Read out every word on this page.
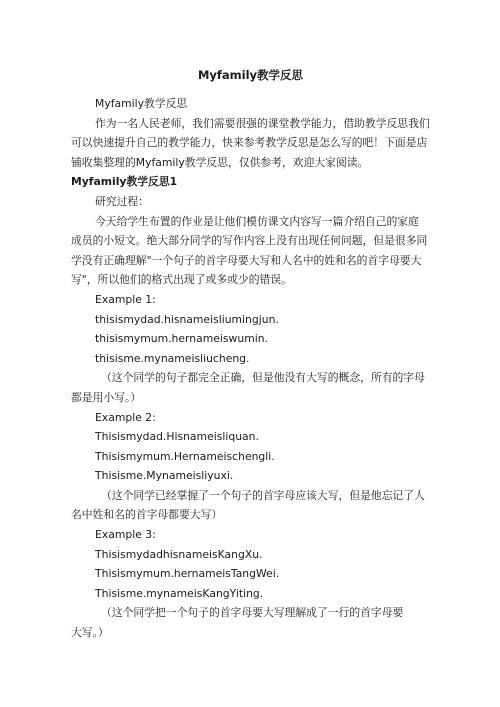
Myfamily教学反思

Myfamily教学反思

作为一名人民老师，我们需要很强的课堂教学能力，借助教学反思我们

可以快速提升自己的教学能力，快来参考教学反思是怎么写的吧！下面是店

铺收集整理的Myfamily教学反思，仅供参考，欢迎大家阅读。

Myfamily教学反思1

研究过程：

今天给学生布置的作业是让他们模仿课文内容写一篇介绍自己的家庭

成员的小短文。绝大部分同学的写作内容上没有出现任何问题，但是很多同

学没有正确理解"一个句子的首字母要大写和人名中的姓和名的首字母要大

写"，所以他们的格式出现了或多或少的错误。

Example 1:

thisismydad.hisnameisliumingjun.

thisismymum.hernameiswumin.

thisisme.mynameisliucheng.

（这个同学的句子都完全正确，但是他没有大写的概念，所有的字母

都是用小写。）

Example 2:

Thisismydad.Hisnameisliquan.

Thisismymum.Hernameischengli.

Thisisme.Mynameisliyuxi.

（这个同学已经掌握了一个句子的首字母应该大写，但是他忘记了人

名中姓和名的首字母都要大写）

Example 3:

ThisismydadhisnameisKangXu.

Thisismymum.hernameisTangWei.

Thisisme.mynameisKangYiting.

（这个同学把一个句子的首字母要大写理解成了一行的首字母要

大写。）
